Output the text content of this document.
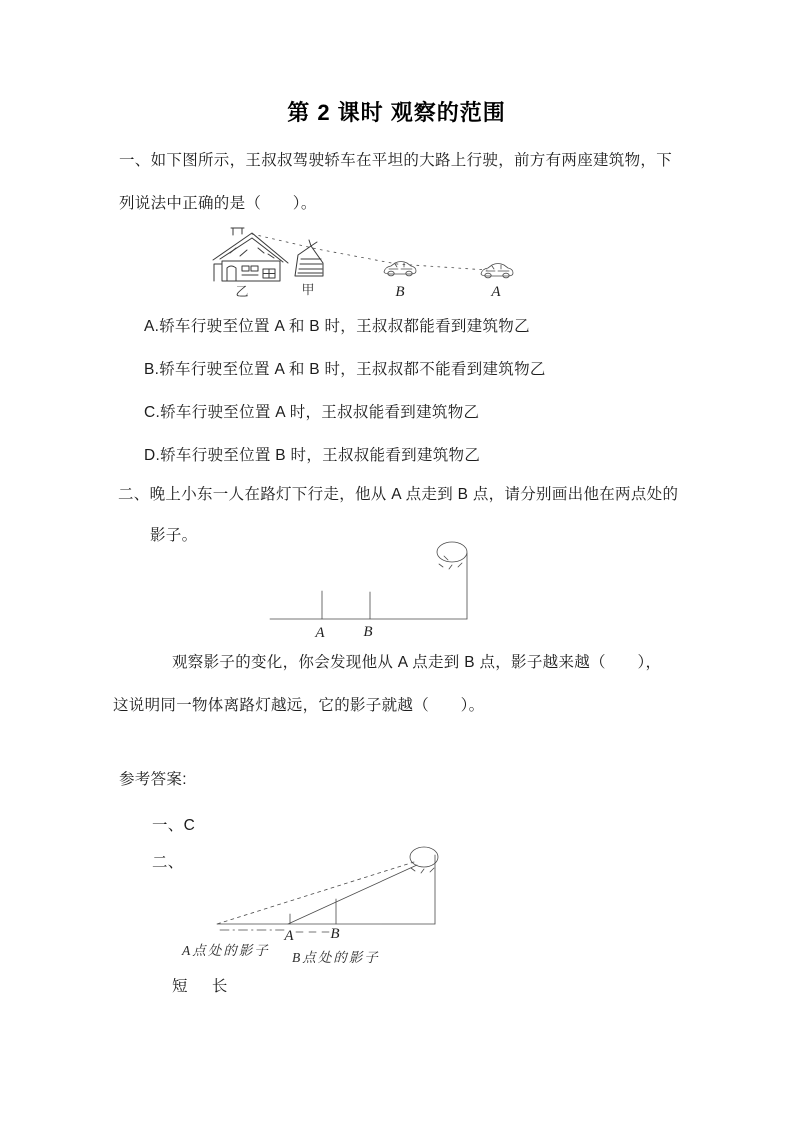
第 2 课时 观察的范围
一、如下图所示，王叔叔驾驶轿车在平坦的大路上行驶，前方有两座建筑物，下
列说法中正确的是（　　）。
乙	甲	B	A
A.轿车行驶至位置 A 和 B 时，王叔叔都能看到建筑物乙
B.轿车行驶至位置 A 和 B 时，王叔叔都不能看到建筑物乙
C.轿车行驶至位置 A 时，王叔叔能看到建筑物乙
D.轿车行驶至位置 B 时，王叔叔能看到建筑物乙
二、晚上小东一人在路灯下行走，他从 A 点走到 B 点，请分别画出他在两点处的
影子。
A	B
观察影子的变化，你会发现他从 A 点走到 B 点，影子越来越（　　），
这说明同一物体离路灯越远，它的影子就越（　　）。
参考答案:
一、C
二、
A B
A点处的影子 B点处的影子
短 长
